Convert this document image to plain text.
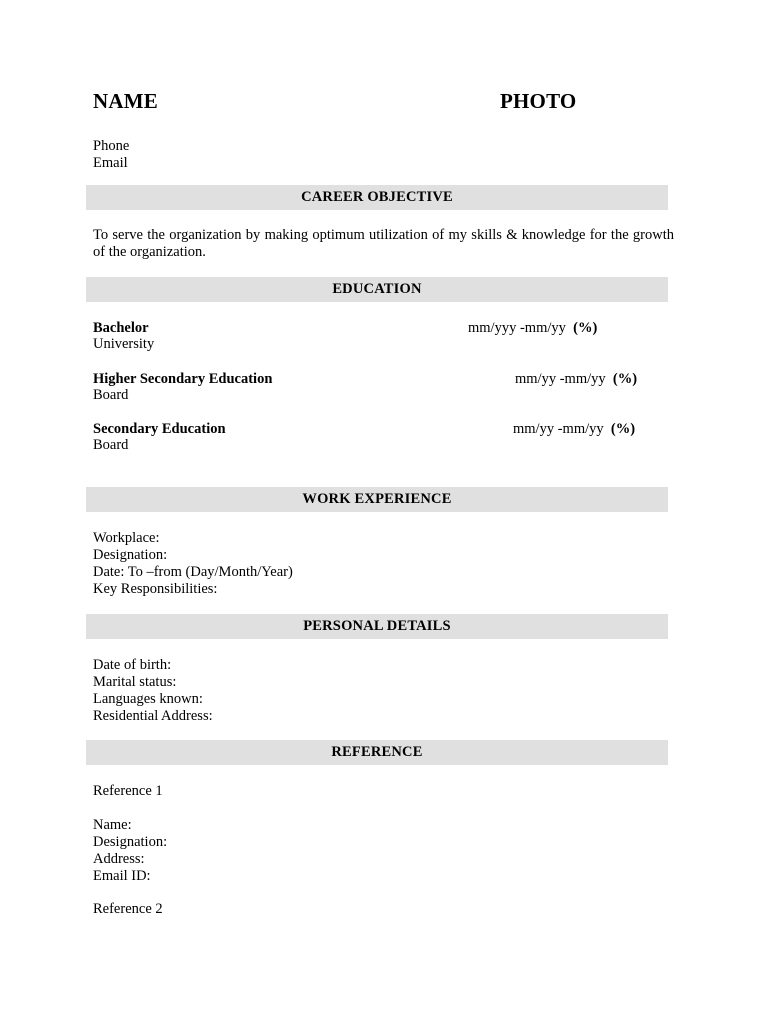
NAME	PHOTO
Phone
Email
CAREER OBJECTIVE
To serve the organization by making optimum utilization of my skills & knowledge for the growth of the organization.
EDUCATION
Bachelor
University
mm/yyy -mm/yy (%)
Higher Secondary Education
Board
mm/yy -mm/yy (%)
Secondary Education
Board
mm/yy -mm/yy (%)
WORK EXPERIENCE
Workplace:
Designation:
Date: To –from (Day/Month/Year)
Key Responsibilities:
PERSONAL DETAILS
Date of birth:
Marital status:
Languages known:
Residential Address:
REFERENCE
Reference 1
Name:
Designation:
Address:
Email ID:
Reference 2
